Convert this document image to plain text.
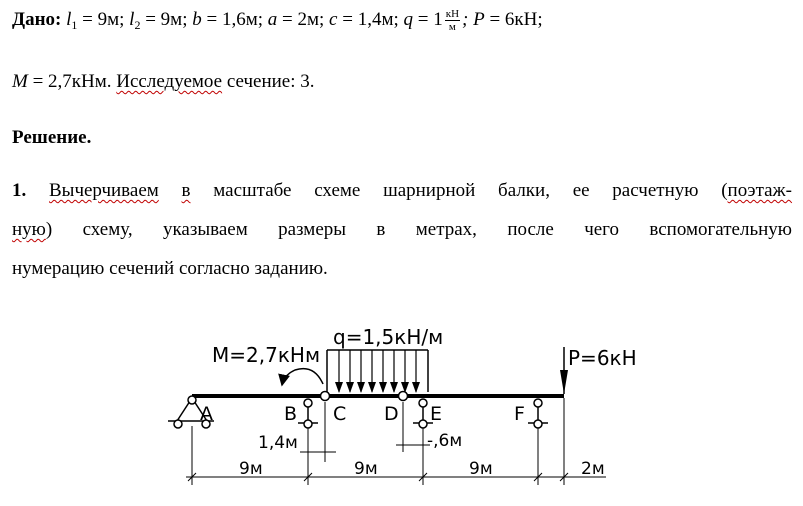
Дано: $l_1 = 9м$; $l_2 = 9м$; b = 1,6м; a = 2м; c = 1,4м; $q = 1 \frac{кН}{м}$ ; P = 6кН;
M = 2,7кНм. Исследуемое сечение: 3.
Решение.
1. Вычерчиваем в масштабе схеме шарнирной балки, ее расчетную (поэтаж-
ную) схему, указываем размеры в метрах, после чего вспомогательную
нумерацию сечений согласно заданию.
q=1,5кН/м
M=2,7кНм	P=6кН
A	B C D E	F
1,4м	-,6м
9м	9м	9м	2м
